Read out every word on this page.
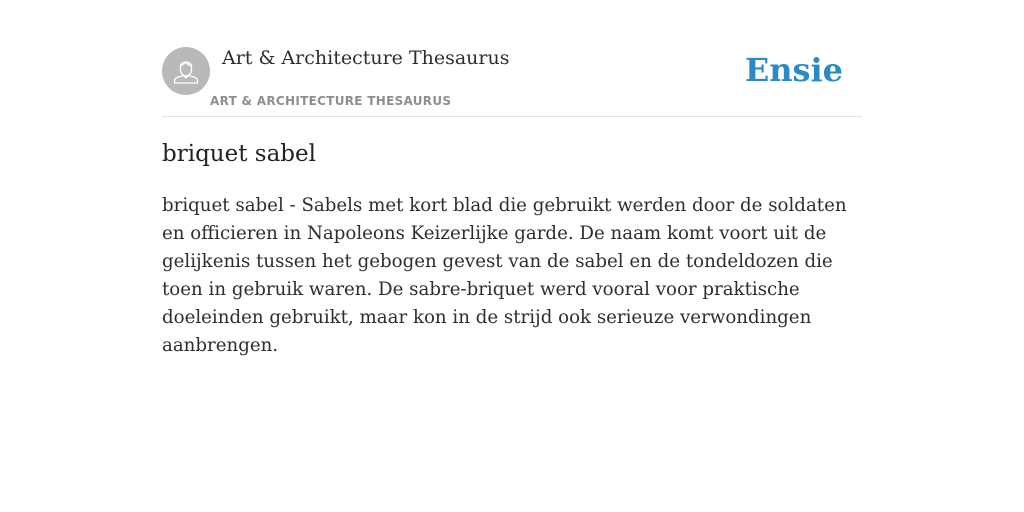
Art & Architecture Thesaurus
ART & ARCHITECTURE THESAURUS
Ensie
briquet sabel

briquet sabel - Sabels met kort blad die gebruikt werden door de soldaten en officieren in Napoleons Keizerlijke garde. De naam komt voort uit de gelijkenis tussen het gebogen gevest van de sabel en de tondeldozen die toen in gebruik waren. De sabre-briquet werd vooral voor praktische doeleinden gebruikt, maar kon in de strijd ook serieuze verwondingen aanbrengen.
